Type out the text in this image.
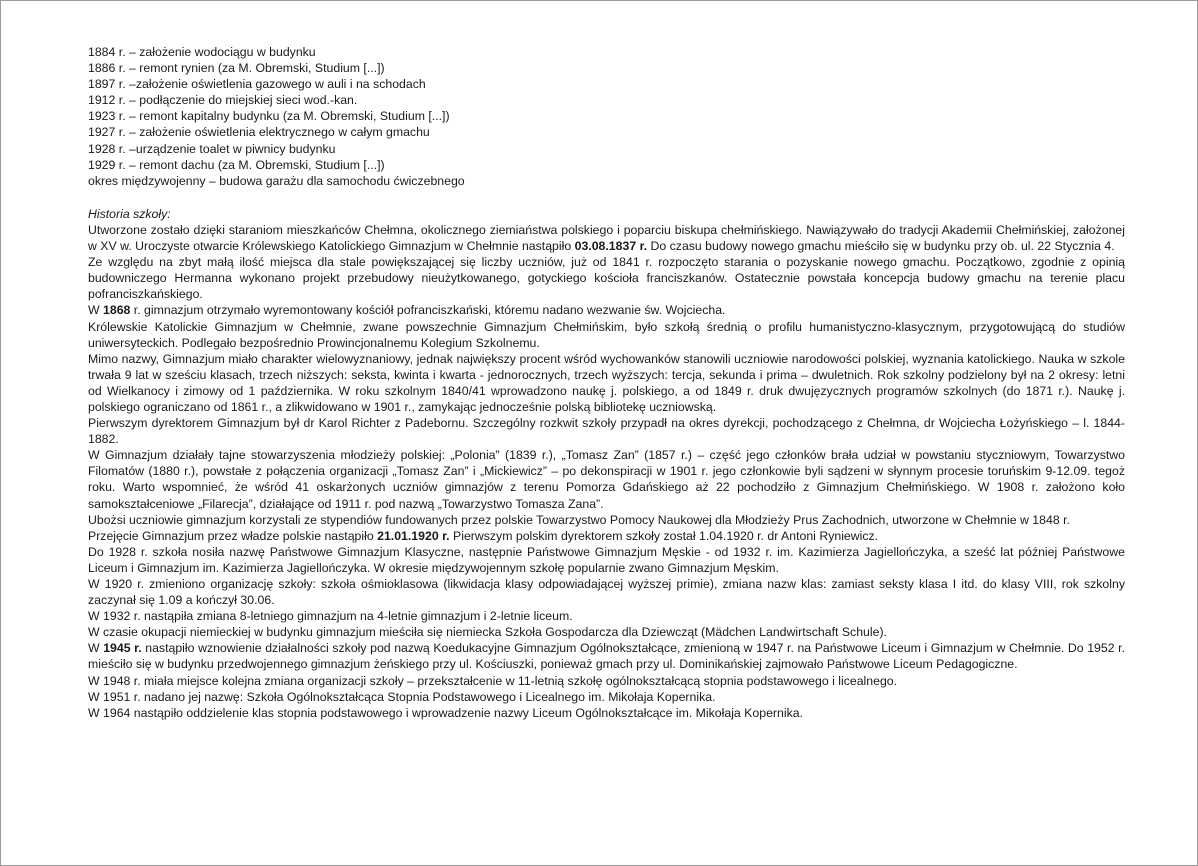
1884 r. – założenie wodociągu w budynku

1886 r. – remont rynien (za M. Obremski, Studium [...])

1897 r. –założenie oświetlenia gazowego w auli i na schodach

1912 r. – podłączenie do miejskiej sieci wod.-kan.

1923 r. – remont kapitalny budynku (za M. Obremski, Studium [...])

1927 r. – założenie oświetlenia elektrycznego w całym gmachu

1928 r. –urządzenie toalet w piwnicy budynku

1929 r. – remont dachu (za M. Obremski, Studium [...])

okres międzywojenny – budowa garażu dla samochodu ćwiczebnego

Historia szkoły:

Utworzone zostało dzięki staraniom mieszkańców Chełmna, okolicznego ziemiaństwa polskiego i poparciu biskupa chełmińskiego. Nawiązywało do tradycji Akademii Chełmińskiej, założonej w XV w. Uroczyste otwarcie Królewskiego Katolickiego Gimnazjum w Chełmnie nastąpiło 03.08.1837 r. Do czasu budowy nowego gmachu mieściło się w budynku przy ob. ul. 22 Stycznia 4.

Ze względu na zbyt małą ilość miejsca dla stale powiększającej się liczby uczniów, już od 1841 r. rozpoczęto starania o pozyskanie nowego gmachu. Początkowo, zgodnie z opinią budowniczego Hermanna wykonano projekt przebudowy nieużytkowanego, gotyckiego kościoła franciszkanów. Ostatecznie powstała koncepcja budowy gmachu na terenie placu pofranciszkańskiego.

W 1868 r. gimnazjum otrzymało wyremontowany kościół pofranciszkański, któremu nadano wezwanie św. Wojciecha.

Królewskie Katolickie Gimnazjum w Chełmnie, zwane powszechnie Gimnazjum Chełmińskim, było szkołą średnią o profilu humanistyczno-klasycznym, przygotowującą do studiów uniwersyteckich. Podlegało bezpośrednio Prowincjonalnemu Kolegium Szkolnemu.

Mimo nazwy, Gimnazjum miało charakter wielowyznaniowy, jednak największy procent wśród wychowanków stanowili uczniowie narodowości polskiej, wyznania katolickiego. Nauka w szkole trwała 9 lat w sześciu klasach, trzech niższych: seksta, kwinta i kwarta - jednorocznych, trzech wyższych: tercja, sekunda i prima – dwuletnich. Rok szkolny podzielony był na 2 okresy: letni od Wielkanocy i zimowy od 1 października. W roku szkolnym 1840/41 wprowadzono naukę j. polskiego, a od 1849 r. druk dwujęzycznych programów szkolnych (do 1871 r.). Naukę j. polskiego ograniczano od 1861 r., a zlikwidowano w 1901 r., zamykając jednocześnie polską bibliotekę uczniowską.

Pierwszym dyrektorem Gimnazjum był dr Karol Richter z Padebornu. Szczególny rozkwit szkoły przypadł na okres dyrekcji, pochodzącego z Chełmna, dr Wojciecha Łożyńskiego – l. 1844-1882.

W Gimnazjum działały tajne stowarzyszenia młodzieży polskiej: „Polonia” (1839 r.), „Tomasz Zan” (1857 r.) – część jego członków brała udział w powstaniu styczniowym, Towarzystwo Filomatów (1880 r.), powstałe z połączenia organizacji „Tomasz Zan” i „Mickiewicz” – po dekonspiracji w 1901 r. jego członkowie byli sądzeni w słynnym procesie toruńskim 9-12.09. tegoż roku. Warto wspomnieć, że wśród 41 oskarżonych uczniów gimnazjów z terenu Pomorza Gdańskiego aż 22 pochodziło z Gimnazjum Chełmińskiego. W 1908 r. założono koło samokształceniowe „Filarecja”, działające od 1911 r. pod nazwą „Towarzystwo Tomasza Zana”.

Ubożsi uczniowie gimnazjum korzystali ze stypendiów fundowanych przez polskie Towarzystwo Pomocy Naukowej dla Młodzieży Prus Zachodnich, utworzone w Chełmnie w 1848 r.

Przejęcie Gimnazjum przez władze polskie nastąpiło 21.01.1920 r. Pierwszym polskim dyrektorem szkoły został 1.04.1920 r. dr Antoni Ryniewicz.

Do 1928 r. szkoła nosiła nazwę Państwowe Gimnazjum Klasyczne, następnie Państwowe Gimnazjum Męskie - od 1932 r. im. Kazimierza Jagiellończyka, a sześć lat później Państwowe Liceum i Gimnazjum im. Kazimierza Jagiellończyka. W okresie międzywojennym szkołę popularnie zwano Gimnazjum Męskim.

W 1920 r. zmieniono organizację szkoły: szkoła ośmioklasowa (likwidacja klasy odpowiadającej wyższej primie), zmiana nazw klas: zamiast seksty klasa I itd. do klasy VIII, rok szkolny zaczynał się 1.09 a kończył 30.06.

W 1932 r. nastąpiła zmiana 8-letniego gimnazjum na 4-letnie gimnazjum i 2-letnie liceum.

W czasie okupacji niemieckiej w budynku gimnazjum mieściła się niemiecka Szkoła Gospodarcza dla Dziewcząt (Mädchen Landwirtschaft Schule).

W 1945 r. nastąpiło wznowienie działalności szkoły pod nazwą Koedukacyjne Gimnazjum Ogólnokształcące, zmienioną w 1947 r. na Państwowe Liceum i Gimnazjum w Chełmnie. Do 1952 r. mieściło się w budynku przedwojennego gimnazjum żeńskiego przy ul. Kościuszki, ponieważ gmach przy ul. Dominikańskiej zajmowało Państwowe Liceum Pedagogiczne.

W 1948 r. miała miejsce kolejna zmiana organizacji szkoły – przekształcenie w 11-letnią szkołę ogólnokształcącą stopnia podstawowego i licealnego.

W 1951 r. nadano jej nazwę: Szkoła Ogólnokształcąca Stopnia Podstawowego i Licealnego im. Mikołaja Kopernika.

W 1964 nastąpiło oddzielenie klas stopnia podstawowego i wprowadzenie nazwy Liceum Ogólnokształcące im. Mikołaja Kopernika.
